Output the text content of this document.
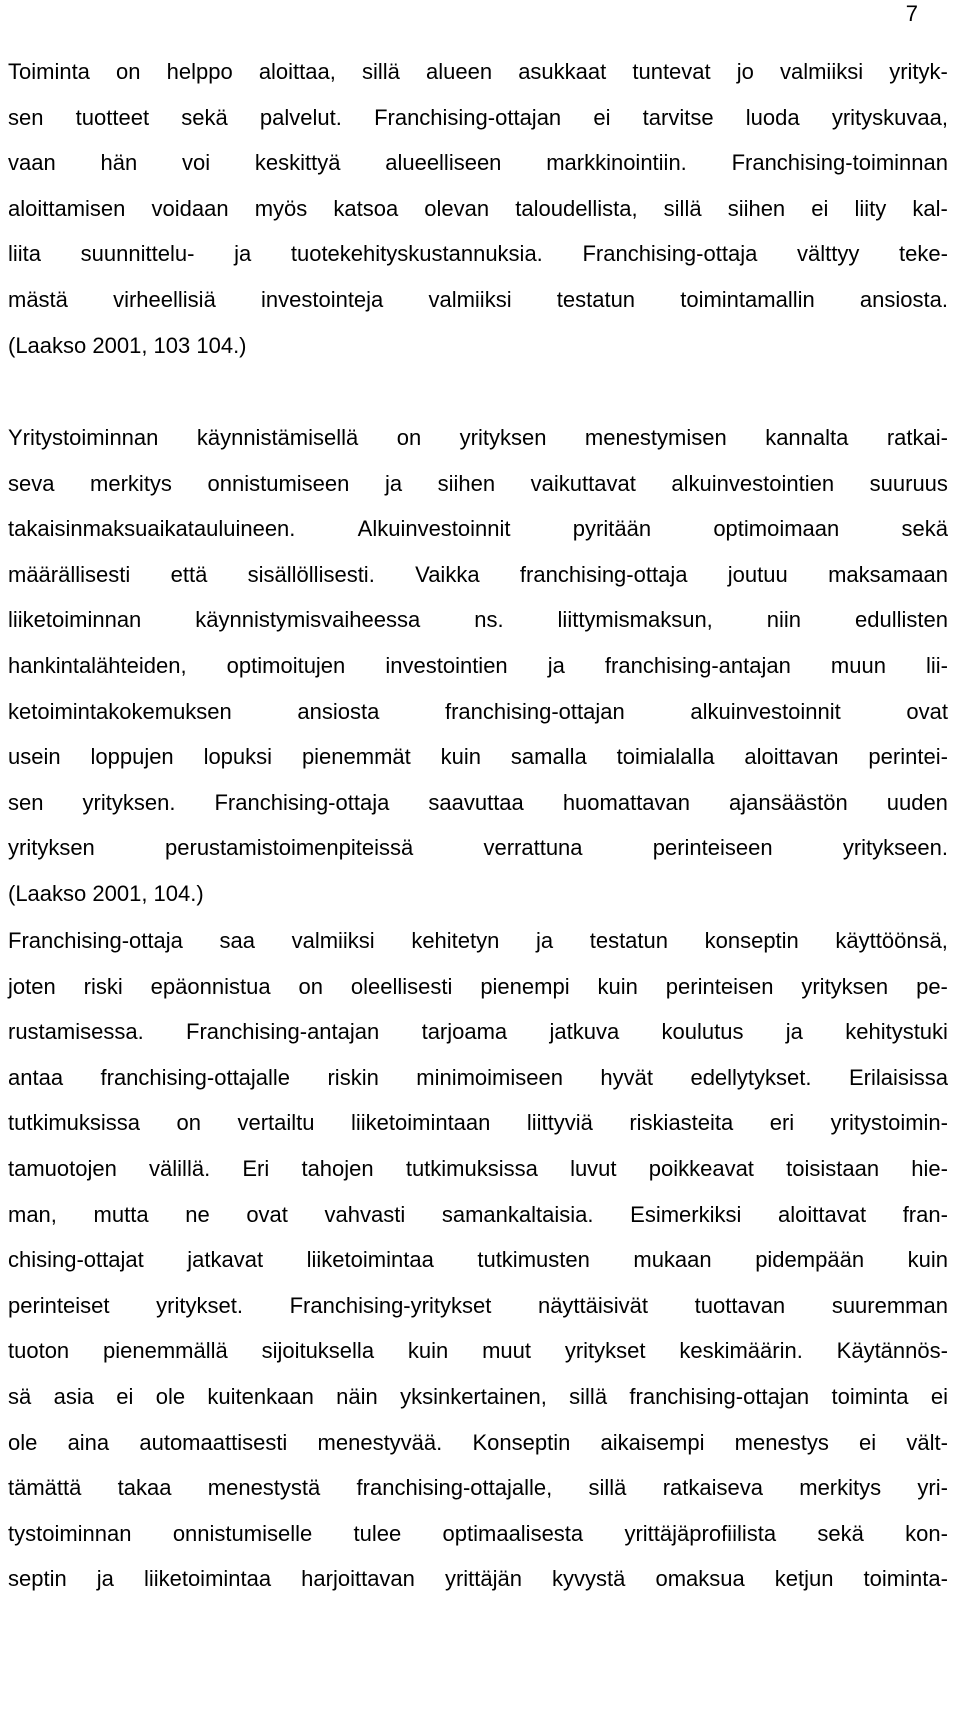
7
Toiminta on helppo aloittaa, sillä alueen asukkaat tuntevat jo valmiiksi yrityk-
sen tuotteet sekä palvelut. Franchising-ottajan ei tarvitse luoda yrityskuvaa,
vaan hän voi keskittyä alueelliseen markkinointiin. Franchising-toiminnan
aloittamisen voidaan myös katsoa olevan taloudellista, sillä siihen ei liity kal-
liita suunnittelu- ja tuotekehityskustannuksia. Franchising-ottaja välttyy teke-
mästä virheellisiä investointeja valmiiksi testatun toimintamallin ansiosta.
(Laakso 2001, 103 104.)
Yritystoiminnan käynnistämisellä on yrityksen menestymisen kannalta ratkai-
seva merkitys onnistumiseen ja siihen vaikuttavat alkuinvestointien suuruus
takaisinmaksuaikatauluineen.	Alkuinvestoinnit	pyritään	optimoimaan	sekä
määrällisesti että sisällöllisesti. Vaikka franchising-ottaja joutuu maksamaan
liiketoiminnan käynnistymisvaiheessa ns. liittymismaksun, niin edullisten
hankintalähteiden, optimoitujen investointien ja franchising-antajan muun lii-
ketoimintakokemuksen	ansiosta	franchising-ottajan	alkuinvestoinnit	ovat
usein loppujen lopuksi pienemmät kuin samalla toimialalla aloittavan perintei-
sen yrityksen. Franchising-ottaja saavuttaa huomattavan ajansäästön uuden
yrityksen	perustamistoimenpiteissä	verrattuna	perinteiseen	yritykseen.
(Laakso 2001, 104.)
Franchising-ottaja saa valmiiksi kehitetyn ja testatun konseptin käyttöönsä,
joten riski epäonnistua on oleellisesti pienempi kuin perinteisen yrityksen pe-
rustamisessa. Franchising-antajan tarjoama jatkuva koulutus ja kehitystuki
antaa franchising-ottajalle riskin minimoimiseen hyvät edellytykset. Erilaisissa
tutkimuksissa on vertailtu liiketoimintaan liittyviä riskiasteita eri yritystoimin-
tamuotojen välillä. Eri tahojen tutkimuksissa luvut poikkeavat toisistaan hie-
man, mutta ne ovat vahvasti samankaltaisia. Esimerkiksi aloittavat fran-
chising-ottajat jatkavat liiketoimintaa tutkimusten mukaan pidempään kuin
perinteiset yritykset. Franchising-yritykset näyttäisivät tuottavan suuremman
tuoton pienemmällä sijoituksella kuin muut yritykset keskimäärin. Käytännös-
sä asia ei ole kuitenkaan näin yksinkertainen, sillä franchising-ottajan toiminta ei
ole aina automaattisesti menestyvää. Konseptin aikaisempi menestys ei vält-
tämättä takaa menestystä franchising-ottajalle, sillä ratkaiseva merkitys yri-
tystoiminnan onnistumiselle tulee optimaalisesta yrittäjäprofiilista sekä kon-
septin ja liiketoimintaa harjoittavan yrittäjän kyvystä omaksua ketjun toiminta-
